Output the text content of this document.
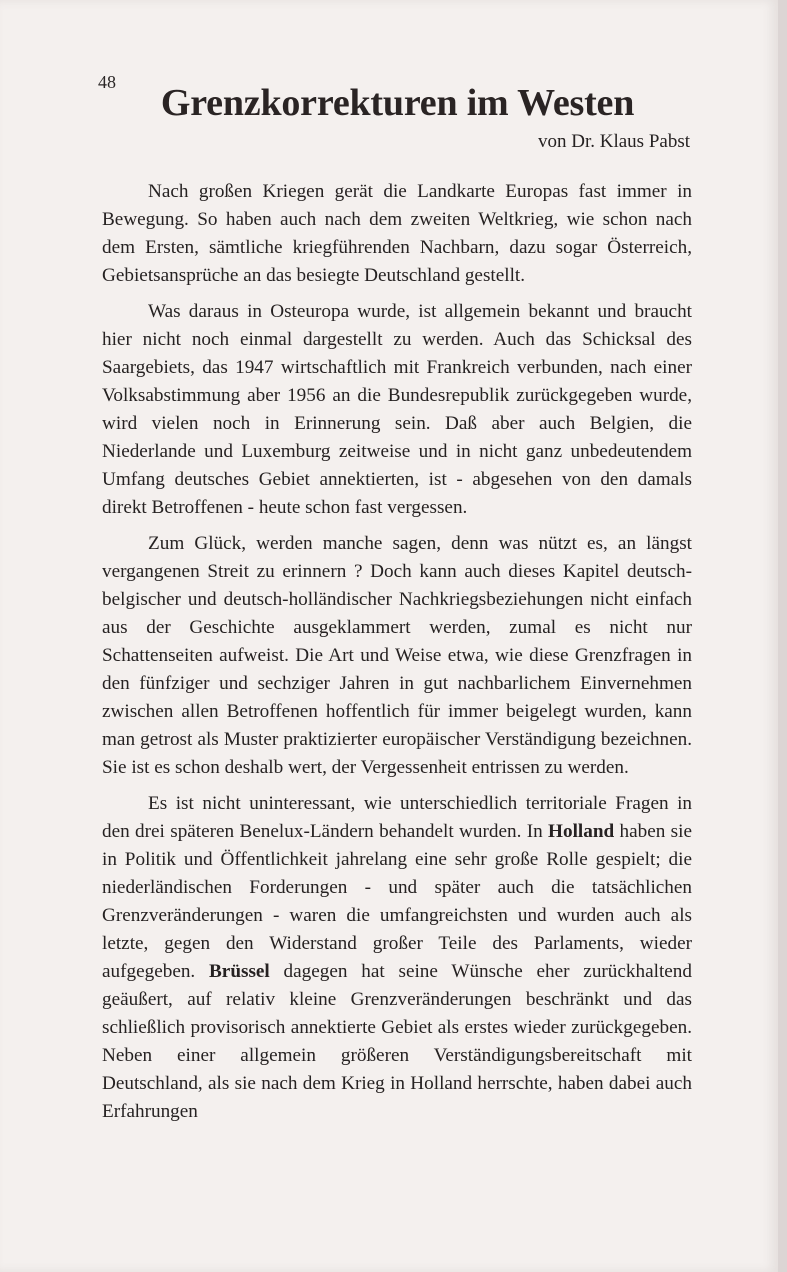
48	Grenzkorrekturen im Westen
von Dr. Klaus Pabst

Nach großen Kriegen gerät die Landkarte Europas fast immer in Bewegung. So haben auch nach dem zweiten Weltkrieg, wie schon nach dem Ersten, sämtliche kriegführenden Nachbarn, dazu sogar Österreich, Gebietsansprüche an das besiegte Deutschland gestellt.

Was daraus in Osteuropa wurde, ist allgemein bekannt und braucht hier nicht noch einmal dargestellt zu werden. Auch das Schicksal des Saargebiets, das 1947 wirtschaftlich mit Frankreich verbunden, nach einer Volksabstimmung aber 1956 an die Bundesrepublik zurückgegeben wurde, wird vielen noch in Erinnerung sein. Daß aber auch Belgien, die Niederlande und Luxemburg zeitweise und in nicht ganz unbedeutendem Umfang deutsches Gebiet annektierten, ist - abgesehen von den damals direkt Betroffenen - heute schon fast vergessen.

Zum Glück, werden manche sagen, denn was nützt es, an längst vergangenen Streit zu erinnern ? Doch kann auch dieses Kapitel deutsch-belgischer und deutsch-holländischer Nachkriegsbeziehungen nicht einfach aus der Geschichte ausgeklammert werden, zumal es nicht nur Schattenseiten aufweist. Die Art und Weise etwa, wie diese Grenzfragen in den fünfziger und sechziger Jahren in gut nachbarlichem Einvernehmen zwischen allen Betroffenen hoffentlich für immer beigelegt wurden, kann man getrost als Muster praktizierter europäischer Verständigung bezeichnen. Sie ist es schon deshalb wert, der Vergessenheit entrissen zu werden.

Es ist nicht uninteressant, wie unterschiedlich territoriale Fragen in den drei späteren Benelux-Ländern behandelt wurden. In Holland haben sie in Politik und Öffentlichkeit jahrelang eine sehr große Rolle gespielt; die niederländischen Forderungen - und später auch die tatsächlichen Grenzveränderungen - waren die umfangreichsten und wurden auch als letzte, gegen den Widerstand großer Teile des Parlaments, wieder aufgegeben. Brüssel dagegen hat seine Wünsche eher zurückhaltend geäußert, auf relativ kleine Grenzveränderungen beschränkt und das schließlich provisorisch annektierte Gebiet als erstes wieder zurückgegeben. Neben einer allgemein größeren Verständigungsbereitschaft mit Deutschland, als sie nach dem Krieg in Holland herrschte, haben dabei auch Erfahrungen
